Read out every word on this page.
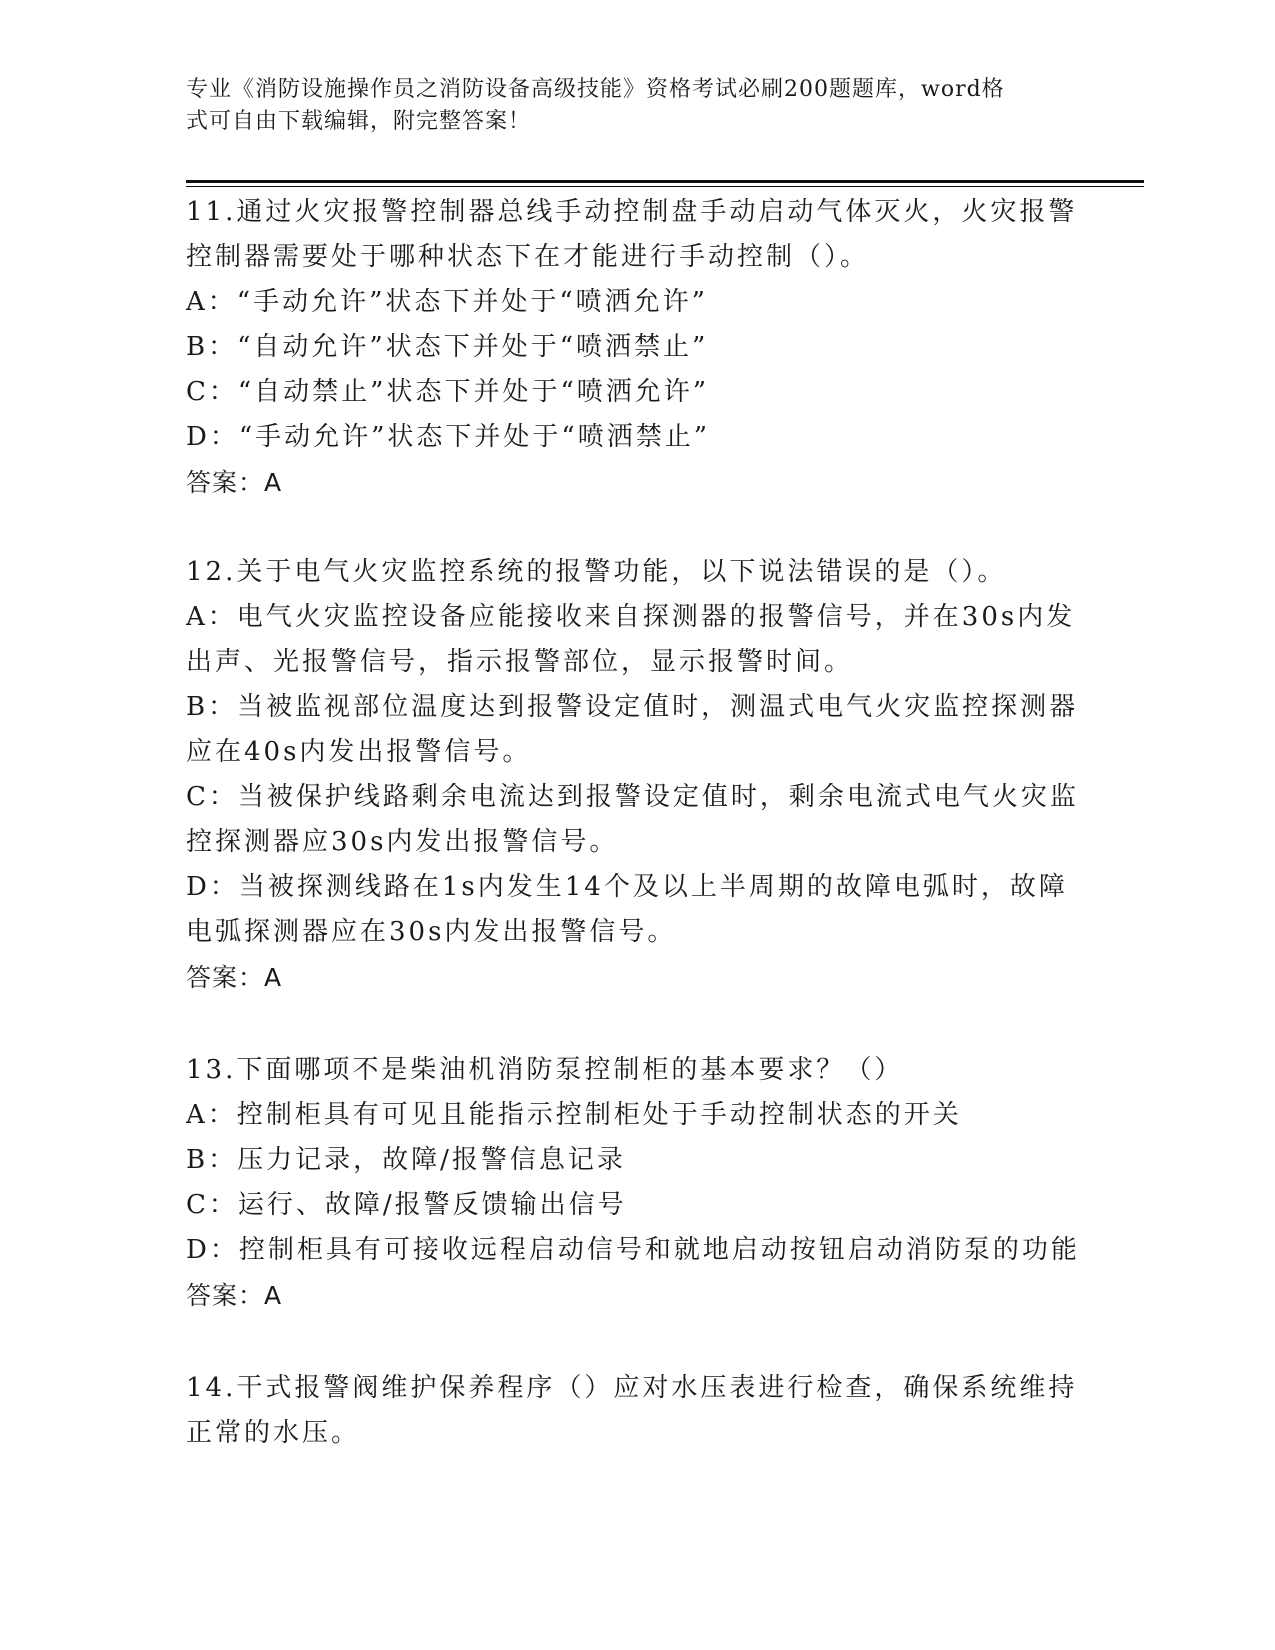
专业《消防设施操作员之消防设备高级技能》资格考试必刷200题题库，word格
式可自由下载编辑，附完整答案！

11.通过火灾报警控制器总线手动控制盘手动启动气体灭火，火灾报警

控制器需要处于哪种状态下在才能进行手动控制（）。

A：“手动允许”状态下并处于“喷洒允许”

B：“自动允许”状态下并处于“喷洒禁止”

C：“自动禁止”状态下并处于“喷洒允许”

D：“手动允许”状态下并处于“喷洒禁止”

答案：A

12.关于电气火灾监控系统的报警功能，以下说法错误的是（）。

A：电气火灾监控设备应能接收来自探测器的报警信号，并在30s内发

出声、光报警信号，指示报警部位，显示报警时间。

B：当被监视部位温度达到报警设定值时，测温式电气火灾监控探测器

应在40s内发出报警信号。

C：当被保护线路剩余电流达到报警设定值时，剩余电流式电气火灾监

控探测器应30s内发出报警信号。

D：当被探测线路在1s内发生14个及以上半周期的故障电弧时，故障

电弧探测器应在30s内发出报警信号。

答案：A

13.下面哪项不是柴油机消防泵控制柜的基本要求？（）

A：控制柜具有可见且能指示控制柜处于手动控制状态的开关

B：压力记录，故障/报警信息记录

C：运行、故障/报警反馈输出信号

D：控制柜具有可接收远程启动信号和就地启动按钮启动消防泵的功能

答案：A

14.干式报警阀维护保养程序（）应对水压表进行检查，确保系统维持

正常的水压。
